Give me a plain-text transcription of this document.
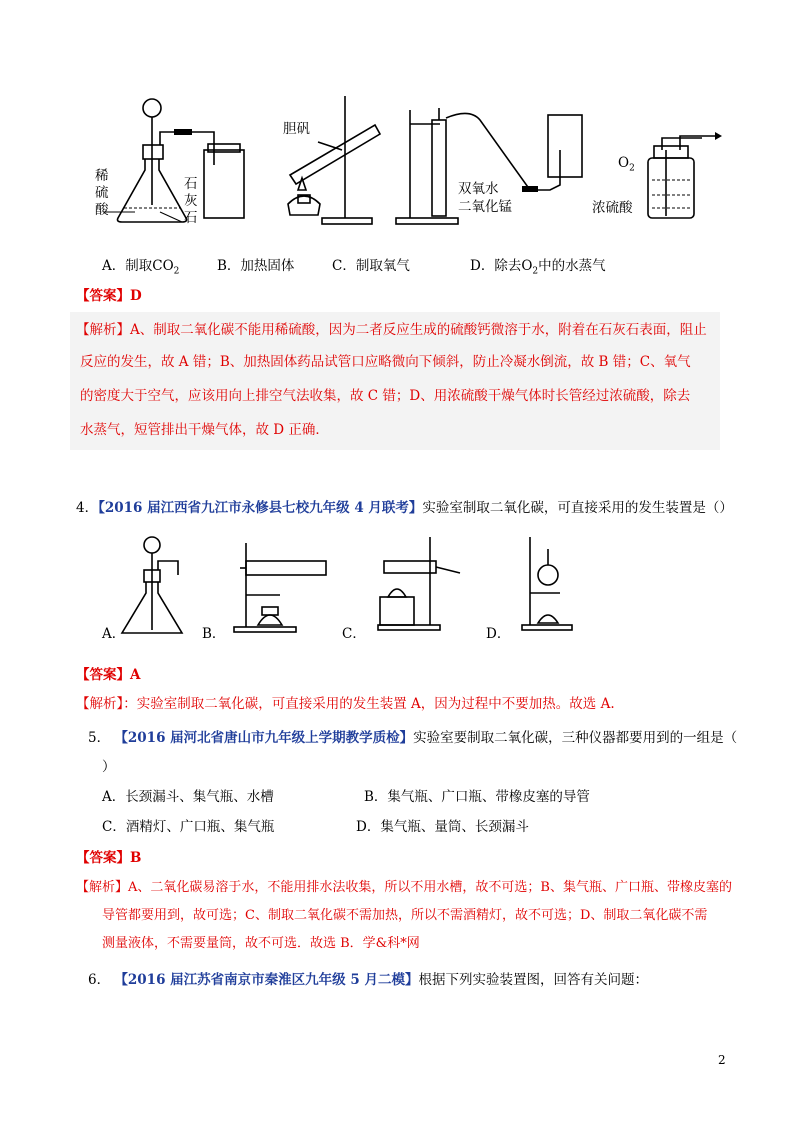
稀
硫
酸
石
灰
石
胆矾
双氧水
二氧化锰
$O_2$
浓硫酸
A．制取$CO_2$	B．加热固体	C．制取氧气	D．除去$O_2$中的水蒸气
【答案】D

【解析】A、制取二氧化碳不能用稀硫酸，因为二者反应生成的硫酸钙微溶于水，附着在石灰石表面，阻止

反应的发生，故 A 错；B、加热固体药品试管口应略微向下倾斜，防止冷凝水倒流，故 B 错；C、氧气

的密度大于空气，应该用向上排空气法收集，故 C 错；D、用浓硫酸干燥气体时长管经过浓硫酸，除去

水蒸气，短管排出干燥气体，故 D 正确．

4．【2016 届江西省九江市永修县七校九年级 4 月联考】实验室制取二氧化碳，可直接采用的发生装置是（）
A．	B．	C．	D．
【答案】A
【解析】：实验室制取二氧化碳，可直接采用的发生装置 A，因为过程中不要加热。故选 A.
5． 【2016 届河北省唐山市九年级上学期教学质检】实验室要制取二氧化碳，三种仪器都要用到的一组是（
）
A．长颈漏斗、集气瓶、水槽	B．集气瓶、广口瓶、带橡皮塞的导管
C．酒精灯、广口瓶、集气瓶	D．集气瓶、量筒、长颈漏斗
【答案】B
【解析】A、二氧化碳易溶于水，不能用排水法收集，所以不用水槽，故不可选；B、集气瓶、广口瓶、带橡皮塞的
导管都要用到，故可选；C、制取二氧化碳不需加热，所以不需酒精灯，故不可选；D、制取二氧化碳不需
测量液体，不需要量筒，故不可选．故选 B．学&科*网
6． 【2016 届江苏省南京市秦淮区九年级 5 月二模】根据下列实验装置图，回答有关问题：
2
